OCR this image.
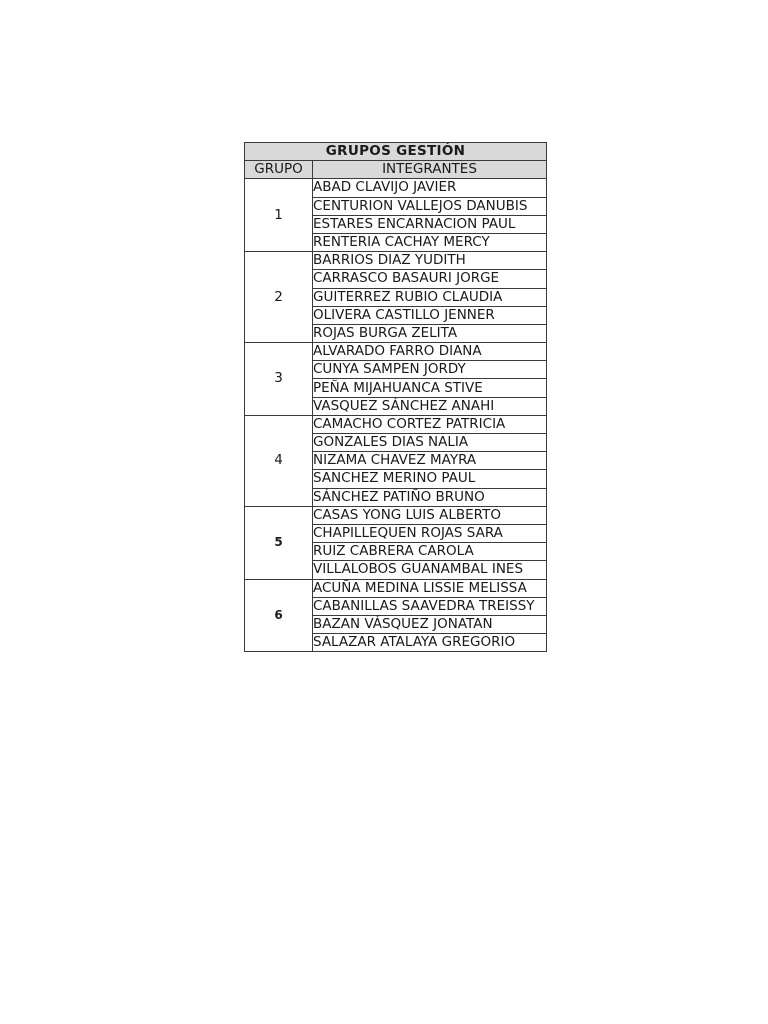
GRUPOS GESTIÓN	
GRUPO	INTEGRANTES
1	ABAD CLAVIJO JAVIER
	CENTURION VALLEJOS DANUBIS
	ESTARES ENCARNACION PAUL
	RENTERIA CACHAY MERCY
2	BARRIOS DIAZ YUDITH
	CARRASCO BASAURI JORGE
	GUITERREZ RUBIO CLAUDIA
	OLIVERA CASTILLO JENNER
	ROJAS BURGA ZELITA
3	ALVARADO FARRO DIANA
	CUNYA SAMPEN JORDY
	PEÑA MIJAHUANCA STIVE
	VASQUEZ SÁNCHEZ ANAHI
4	CAMACHO CORTEZ PATRICIA
	GONZALES DIAS NALIA
	NIZAMA CHAVEZ MAYRA
	SANCHEZ MERINO PAUL
	SÁNCHEZ PATIÑO BRUNO
5	CASAS YONG LUIS ALBERTO
	CHAPILLEQUEN ROJAS SARA
	RUIZ CABRERA CAROLA
	VILLALOBOS GUANAMBAL INES
6	ACUÑA MEDINA LISSIE MELISSA
	CABANILLAS SAAVEDRA TREISSY
	BAZAN VÁSQUEZ JONATAN
	SALAZAR ATALAYA GREGORIO
